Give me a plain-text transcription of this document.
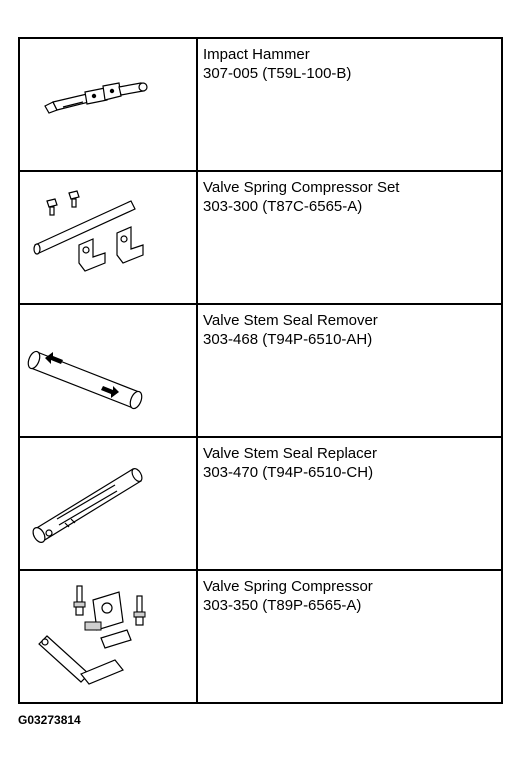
Impact Hammer
307-005 (T59L-100-B)
Valve Spring Compressor Set
303-300 (T87C-6565-A)
Valve Stem Seal Remover
303-468 (T94P-6510-AH)
Valve Stem Seal Replacer
303-470 (T94P-6510-CH)
Valve Spring Compressor
303-350 (T89P-6565-A)
G03273814
